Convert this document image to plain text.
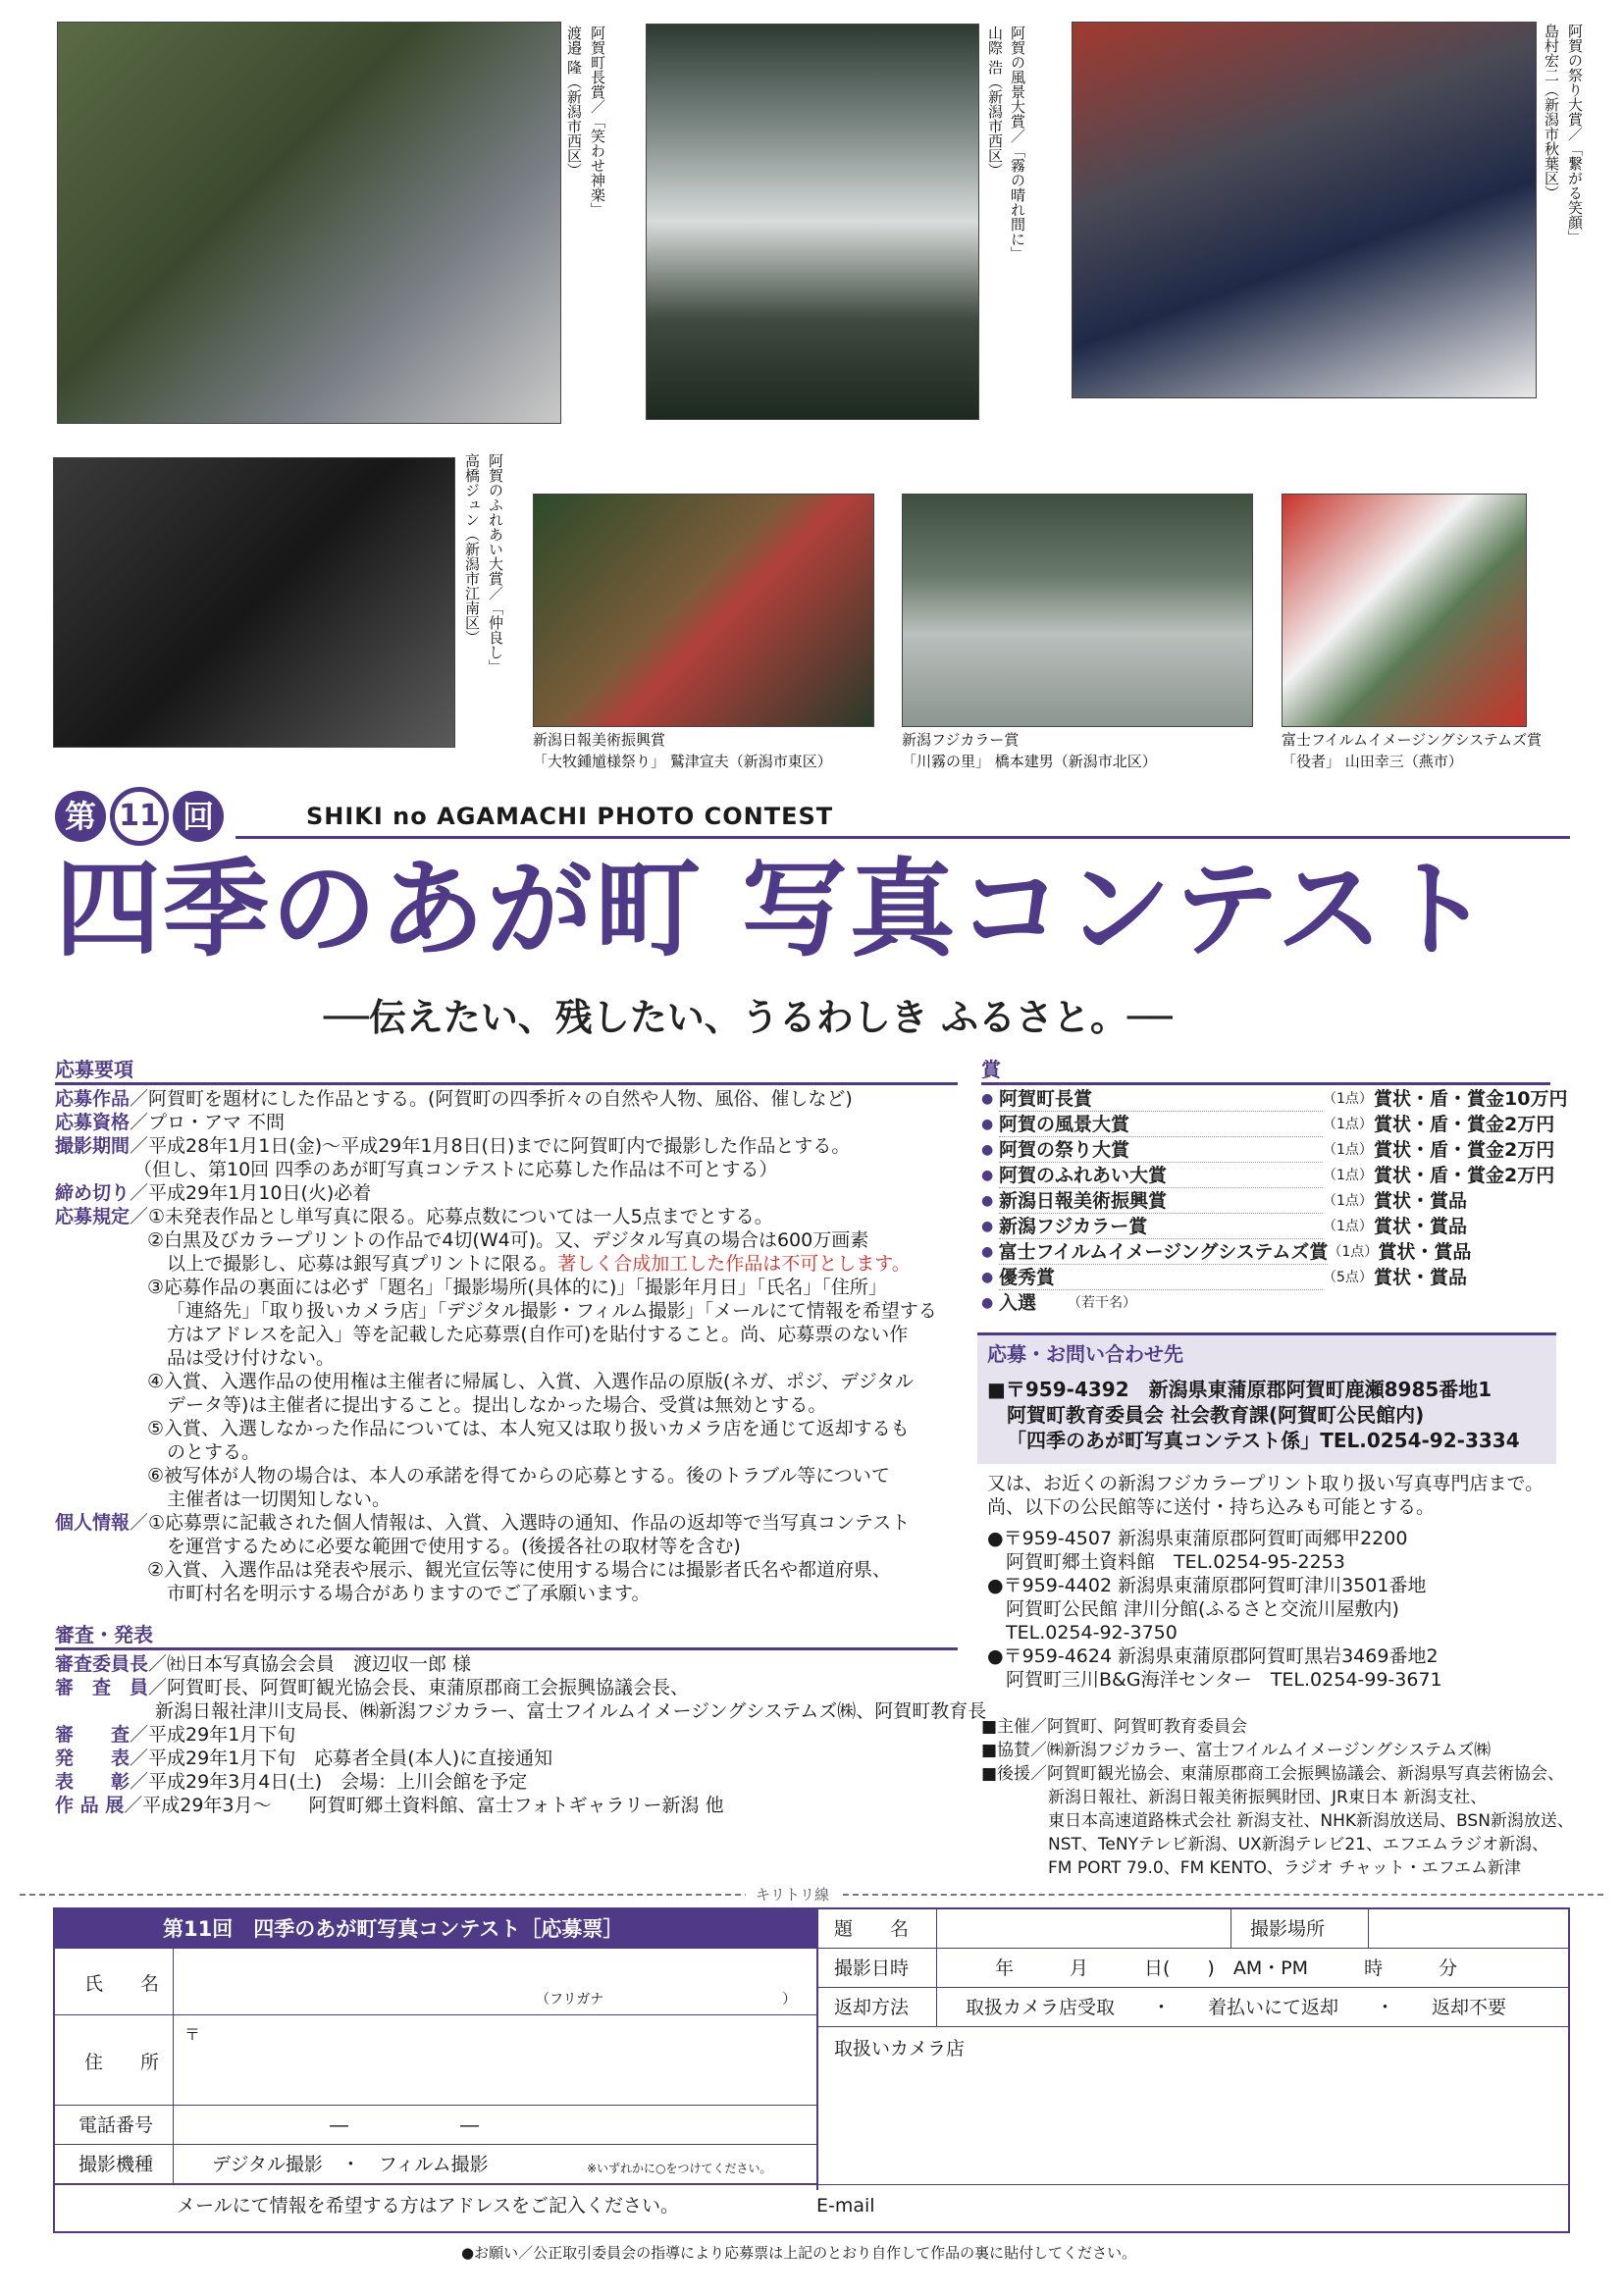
阿賀町長賞／「笑わせ神楽」
渡邉 隆（新潟市西区）	阿賀の風景大賞／「霧の晴れ間に」
山際 浩（新潟市西区）	阿賀の祭り大賞／「繋がる笑顔」
島村宏二（新潟市秋葉区）
阿賀のふれあい大賞／「仲良し」
高橋ジュン（新潟市江南区）
新潟日報美術振興賞
「大牧鍾馗様祭り」 鷲津宣夫（新潟市東区）
新潟フジカラー賞
「川霧の里」 橋本建男（新潟市北区）
富士フイルムイメージングシステムズ賞
「役者」 山田幸三（燕市）
第 11 回	SHIKI no AGAMACHI PHOTO CONTEST
四季のあが町 写真コンテスト
──伝えたい、残したい、うるわしき ふるさと。──
応募要項
応募作品／阿賀町を題材にした作品とする。(阿賀町の四季折々の自然や人物、風俗、催しなど)
応募資格／プロ・アマ 不問
撮影期間／平成28年1月1日(金)〜平成29年1月8日(日)までに阿賀町内で撮影した作品とする。
（但し、第10回 四季のあが町写真コンテストに応募した作品は不可とする）
締め切り／平成29年1月10日(火)必着
応募規定／①未発表作品とし単写真に限る。応募点数については一人5点までとする。
②白黒及びカラープリントの作品で4切(W4可)。又、デジタル写真の場合は600万画素
以上で撮影し、応募は銀写真プリントに限る。著しく合成加工した作品は不可とします。
③応募作品の裏面には必ず「題名」「撮影場所(具体的に)」「撮影年月日」「氏名」「住所」
「連絡先」「取り扱いカメラ店」「デジタル撮影・フィルム撮影」「メールにて情報を希望する
方はアドレスを記入」等を記載した応募票(自作可)を貼付すること。尚、応募票のない作
品は受け付けない。
④入賞、入選作品の使用権は主催者に帰属し、入賞、入選作品の原版(ネガ、ポジ、デジタル
データ等)は主催者に提出すること。提出しなかった場合、受賞は無効とする。
⑤入賞、入選しなかった作品については、本人宛又は取り扱いカメラ店を通じて返却するも
のとする。
⑥被写体が人物の場合は、本人の承諾を得てからの応募とする。後のトラブル等について
主催者は一切関知しない。
個人情報／①応募票に記載された個人情報は、入賞、入選時の通知、作品の返却等で当写真コンテスト
を運営するために必要な範囲で使用する。(後援各社の取材等を含む)
②入賞、入選作品は発表や展示、観光宣伝等に使用する場合には撮影者氏名や都道府県、
市町村名を明示する場合がありますのでご了承願います。
審査・発表
審査委員長／㈳日本写真協会会員　渡辺収一郎 様
審　査　員／阿賀町長、阿賀町観光協会長、東蒲原郡商工会振興協議会長、
新潟日報社津川支局長、㈱新潟フジカラー、富士フイルムイメージングシステムズ㈱、阿賀町教育長
審　　査／平成29年1月下旬
発　　表／平成29年1月下旬　応募者全員(本人)に直接通知
表　　彰／平成29年3月4日(土)　会場：上川会館を予定
作 品 展／平成29年3月〜　　阿賀町郷土資料館、富士フォトギャラリー新潟 他
賞
● 阿賀町長賞	（1点） 賞状・盾・賞金10万円
● 阿賀の風景大賞	（1点） 賞状・盾・賞金2万円
● 阿賀の祭り大賞	（1点） 賞状・盾・賞金2万円
● 阿賀のふれあい大賞	（1点） 賞状・盾・賞金2万円
● 新潟日報美術振興賞	（1点） 賞状・賞品
● 新潟フジカラー賞	（1点） 賞状・賞品
● 富士フイルムイメージングシステムズ賞 （1点） 賞状・賞品
● 優秀賞	（5点） 賞状・賞品
● 入選	（若干名）
応募・お問い合わせ先
■〒959-4392　新潟県東蒲原郡阿賀町鹿瀬8985番地1
阿賀町教育委員会 社会教育課(阿賀町公民館内)
「四季のあが町写真コンテスト係」TEL.0254-92-3334
又は、お近くの新潟フジカラープリント取り扱い写真専門店まで。
尚、以下の公民館等に送付・持ち込みも可能とする。
●〒959-4507 新潟県東蒲原郡阿賀町両郷甲2200
　阿賀町郷土資料館　TEL.0254-95-2253
●〒959-4402 新潟県東蒲原郡阿賀町津川3501番地
　阿賀町公民館 津川分館(ふるさと交流川屋敷内)
　TEL.0254-92-3750
●〒959-4624 新潟県東蒲原郡阿賀町黒岩3469番地2
　阿賀町三川B&G海洋センター　TEL.0254-99-3671
■主催／阿賀町、阿賀町教育委員会
■協賛／㈱新潟フジカラー、富士フイルムイメージングシステムズ㈱
■後援／阿賀町観光協会、東蒲原郡商工会振興協議会、新潟県写真芸術協会、
　　　　新潟日報社、新潟日報美術振興財団、JR東日本 新潟支社、
　　　　東日本高速道路株式会社 新潟支社、NHK新潟放送局、BSN新潟放送、
　　　　NST、TeNYテレビ新潟、UX新潟テレビ21、エフエムラジオ新潟、
　　　　FM PORT 79.0、FM KENTO、ラジオ チャット・エフエム新津
キリトリ線
第11回　四季のあが町写真コンテスト［応募票］
氏　　名
（フリガナ　　　　　　　　　　　　　）
住　　所
〒
電話番号	―　　　　　　―
撮影機種	デジタル撮影　・　フィルム撮影	※いずれかに○をつけてください。
メールにて情報を希望する方はアドレスをご記入ください。	E-mail
題　　名	撮影場所
撮影日時	年　　　月　　　日(　　)　AM・PM　　　時　　　分
返却方法	取扱カメラ店受取　　・　　着払いにて返却　　・　　返却不要
取扱いカメラ店
●お願い／公正取引委員会の指導により応募票は上記のとおり自作して作品の裏に貼付してください。
